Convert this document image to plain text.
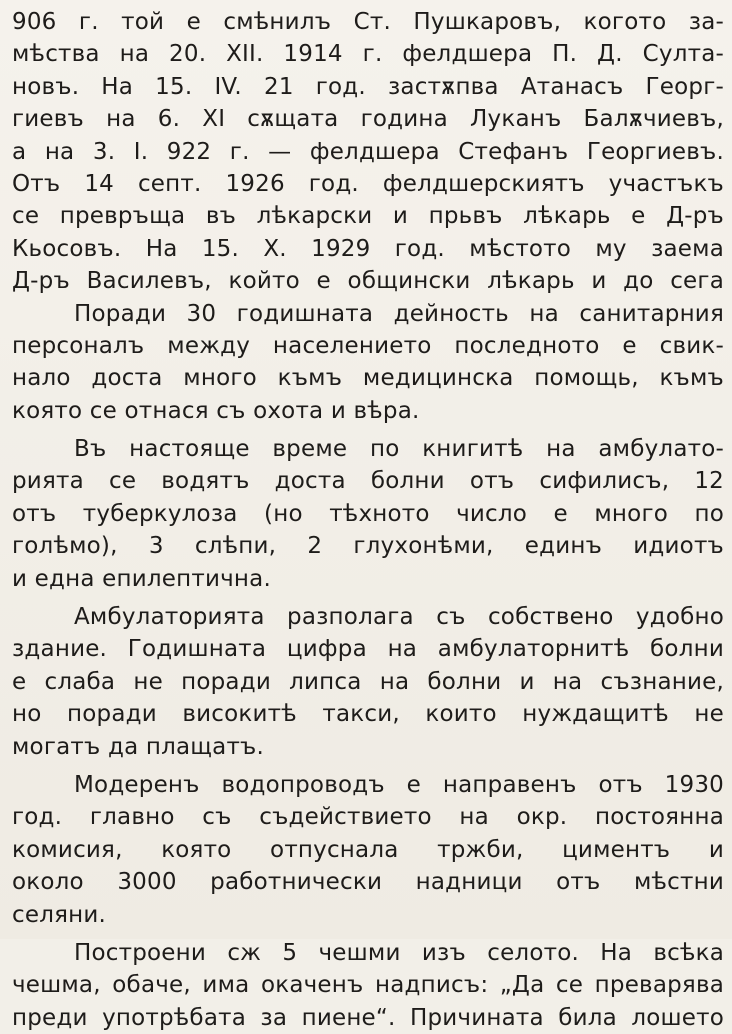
906 г. той е смѣнилъ Ст. Пушкаровъ, когото за-
мѣства на 20. XII. 1914 г. фелдшера П. Д. Султа-
новъ. На 15. IV. 21 год. застѫпва Атанасъ Георг-
гиевъ на 6. XI сѫщата година Луканъ Балѫчиевъ,
а на 3. I. 922 г. — фелдшера Стефанъ Георгиевъ.
Отъ 14 септ. 1926 год. фелдшерскиятъ участъкъ
се превръща въ лѣкарски и прьвъ лѣкарь е Д-ръ
Кьосовъ. На 15. Х. 1929 год. мѣстото му заема
Д-ръ Василевъ, който е общински лѣкарь и до сега
Поради 30 годишната дейность на санитарния
персоналъ между населението последното е свик-
нало доста много къмъ медицинска помощь, къмъ
която се отнася съ охота и вѣра.
Въ настояще време по книгитѣ на амбулато-
рията се водятъ доста болни отъ сифилисъ, 12
отъ туберкулоза (но тѣхното число е много по
голѣмо), 3 слѣпи, 2 глухонѣми, единъ идиотъ
и една епилептична.
Амбулаторията разполага съ собствено удобно
здание. Годишната цифра на амбулаторнитѣ болни
е слаба не поради липса на болни и на съзнание,
но поради високитѣ такси, които нуждащитѣ не
могатъ да плащатъ.
Модеренъ водопроводъ е направенъ отъ 1930
год. главно съ съдействието на окр. постоянна
комисия, която отпуснала тржби, циментъ и
около 3000 работнически надници отъ мѣстни
селяни.
Построени сж 5 чешми изъ селото. На всѣка
чешма, обаче, има окаченъ надписъ: „Да се преварява
преди употрѣбата за пиене“. Причината била лошето
